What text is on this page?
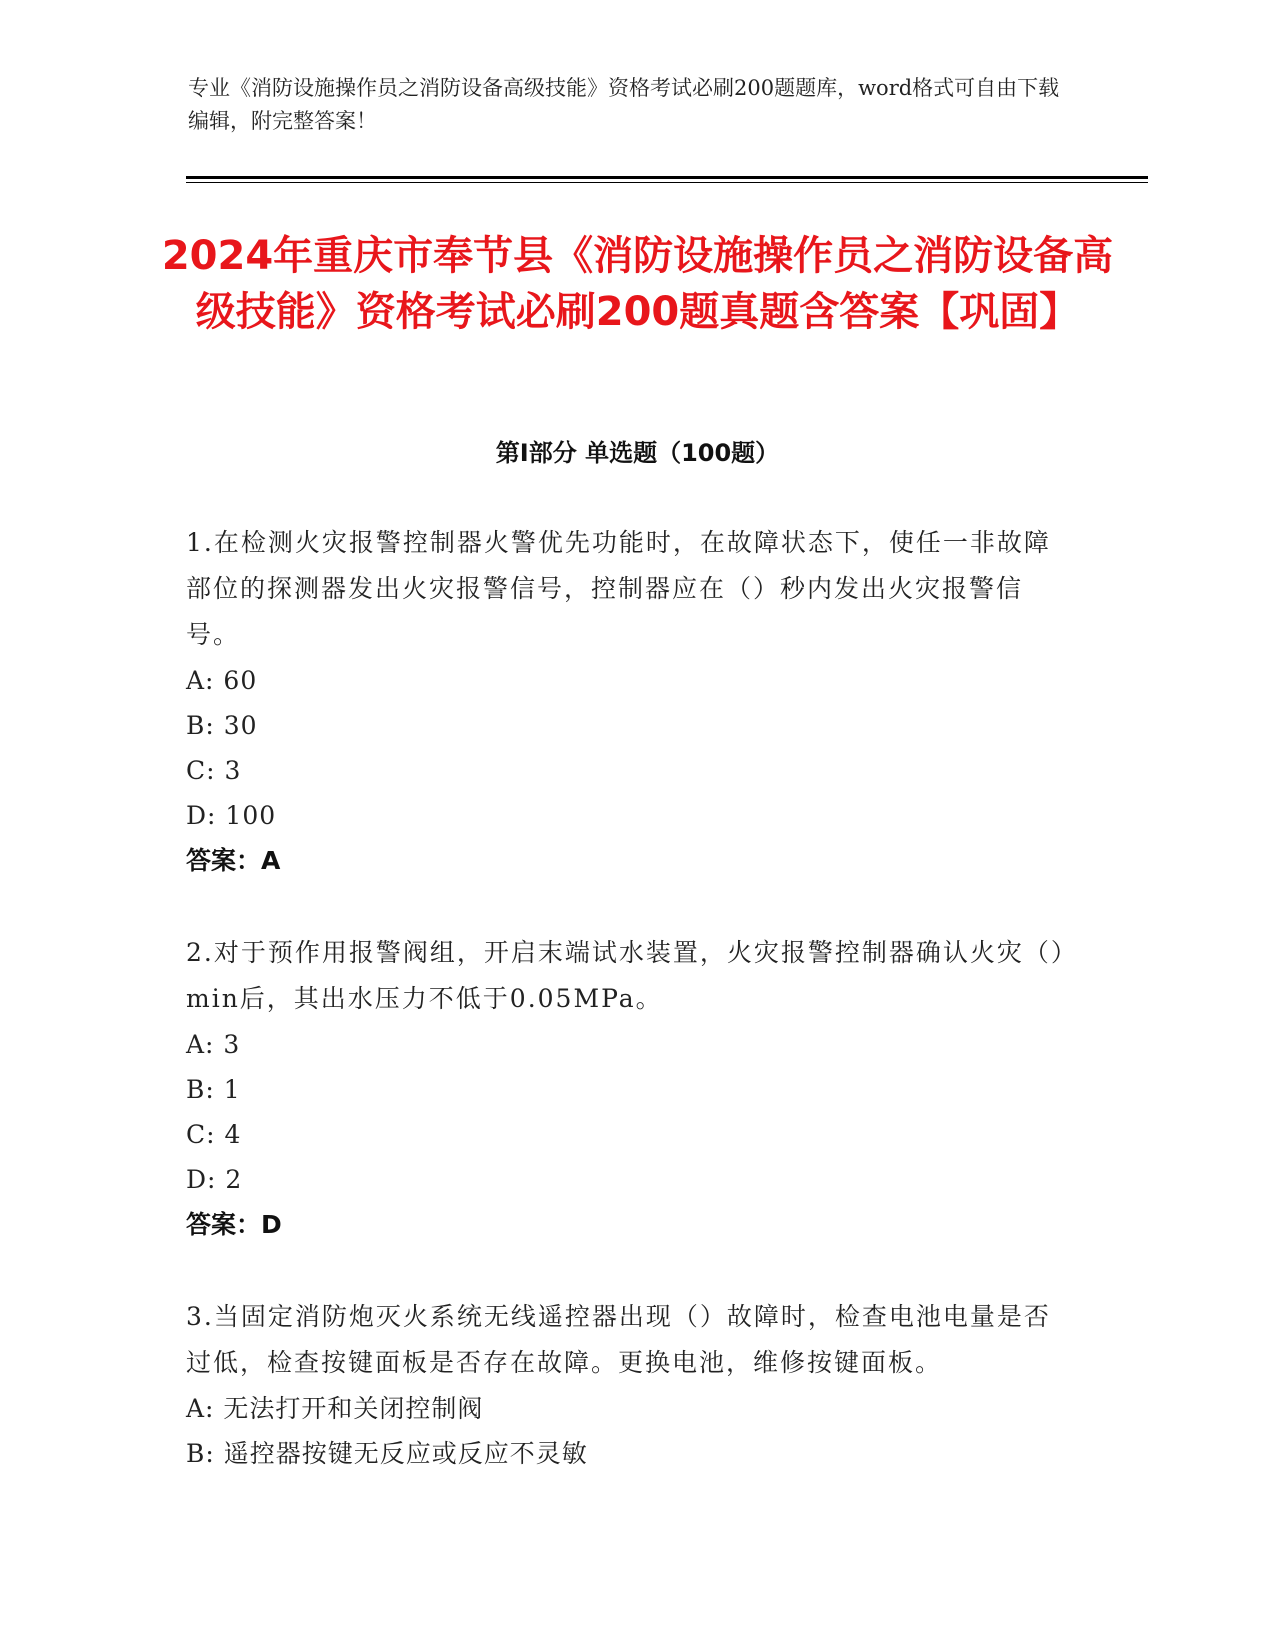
专业《消防设施操作员之消防设备高级技能》资格考试必刷200题题库，word格式可自由下载编辑，附完整答案！
2024年重庆市奉节县《消防设施操作员之消防设备高级技能》资格考试必刷200题真题含答案【巩固】
第I部分 单选题（100题）
1.在检测火灾报警控制器火警优先功能时，在故障状态下，使任一非故障部位的探测器发出火灾报警信号，控制器应在（）秒内发出火灾报警信号。
A: 60
B: 30
C: 3
D: 100
答案：A
2.对于预作用报警阀组，开启末端试水装置，火灾报警控制器确认火灾（）min后，其出水压力不低于0.05MPa。
A: 3
B: 1
C: 4
D: 2
答案：D
3.当固定消防炮灭火系统无线遥控器出现（）故障时，检查电池电量是否过低，检查按键面板是否存在故障。更换电池，维修按键面板。
A: 无法打开和关闭控制阀
B: 遥控器按键无反应或反应不灵敏
